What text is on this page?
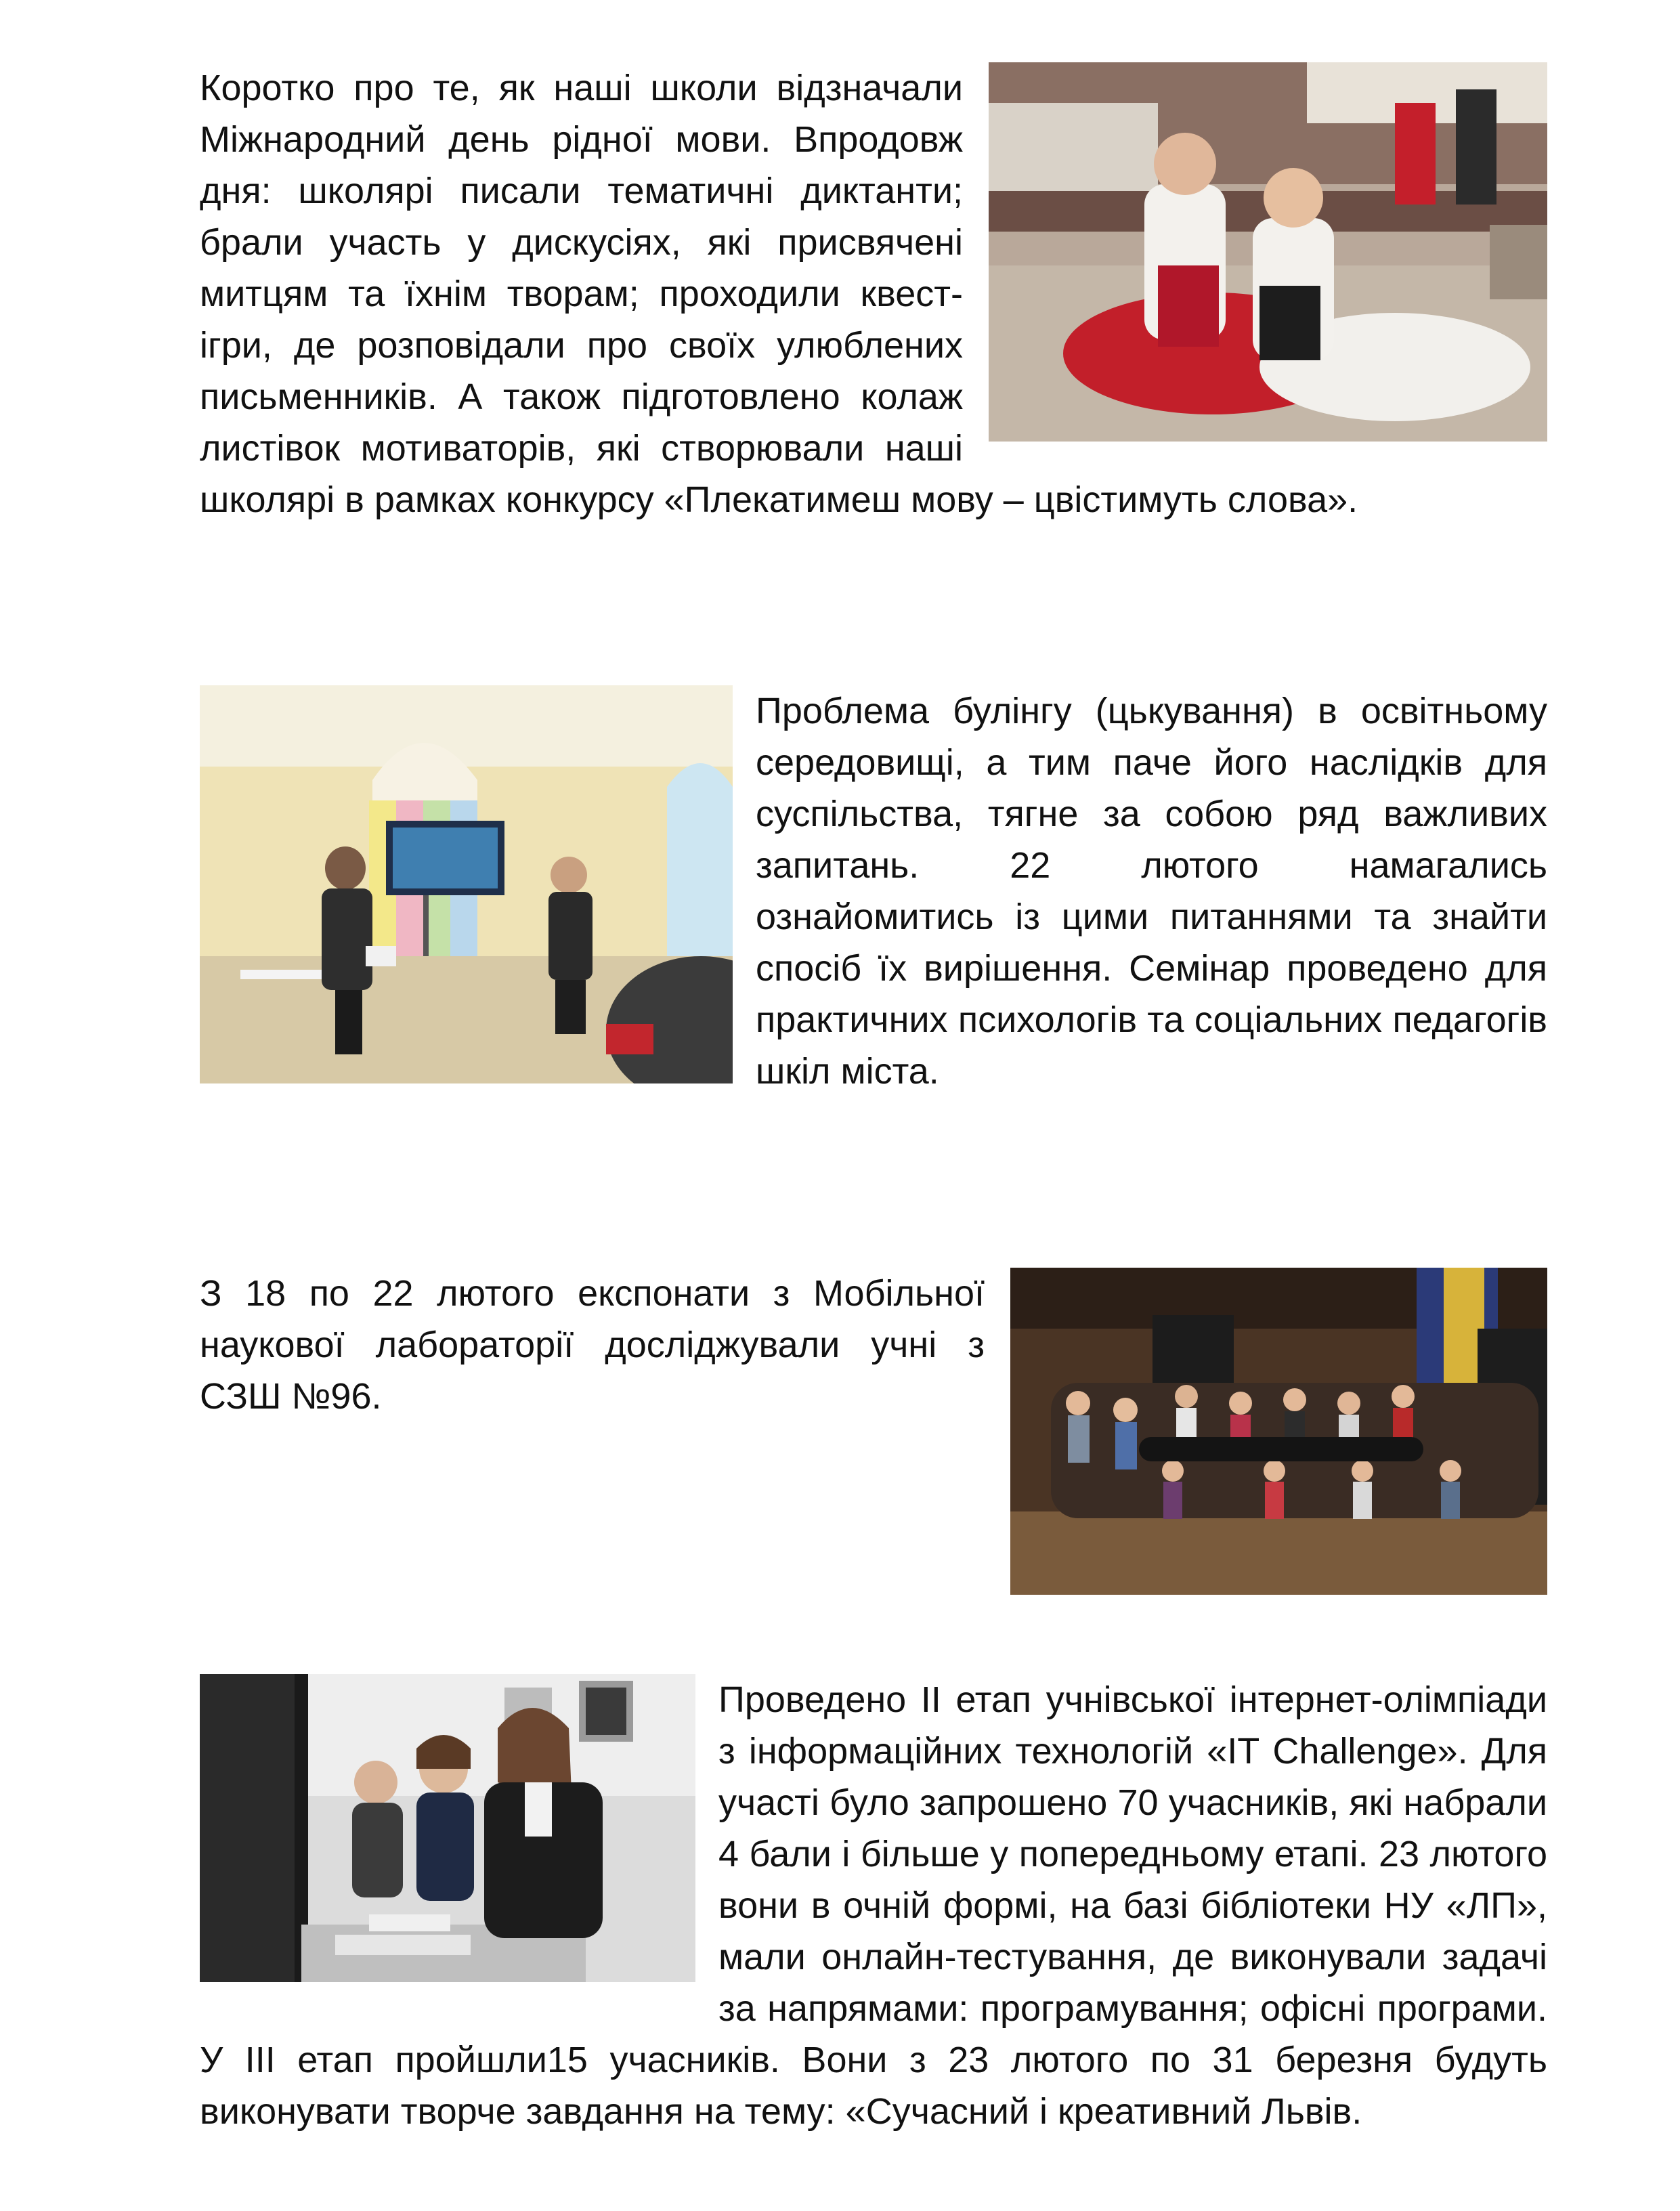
Коротко про те, як наші школи відзначали Міжнародний день рідної мови. Впродовж дня: школярі писали тематичні диктанти; брали участь у дискусіях, які присвячені митцям та їхнім творам; проходили квест-ігри, де розповідали про своїх улюблених письменників. А також підготовлено колаж листівок мотиваторів, які створювали наші школярі в рамках конкурсу «Плекатимеш мову – цвістимуть слова».

Проблема булінгу (цькування) в освітньому середовищі, а тим паче його наслідків для суспільства, тягне за собою ряд важливих запитань. 22 лютого намагались ознайомитись із цими питаннями та знайти спосіб їх вирішення. Семінар проведено для практичних психологів та соціальних педагогів шкіл міста.

З 18 по 22 лютого експонати з Мобільної наукової лабораторії досліджували учні з СЗШ №96.

Проведено II етап учнівської інтернет-олімпіади з інформаційних технологій «IT Challenge». Для участі було запрошено 70 учасників, які набрали 4 бали і більше у попередньому етапі. 23 лютого вони в очній формі, на базі бібліотеки НУ «ЛП», мали онлайн-тестування, де виконували задачі за напрямами: програмування; офісні програми. У III етап пройшли15 учасників. Вони з 23 лютого по 31 березня будуть виконувати творче завдання на тему: «Сучасний і креативний Львів.
